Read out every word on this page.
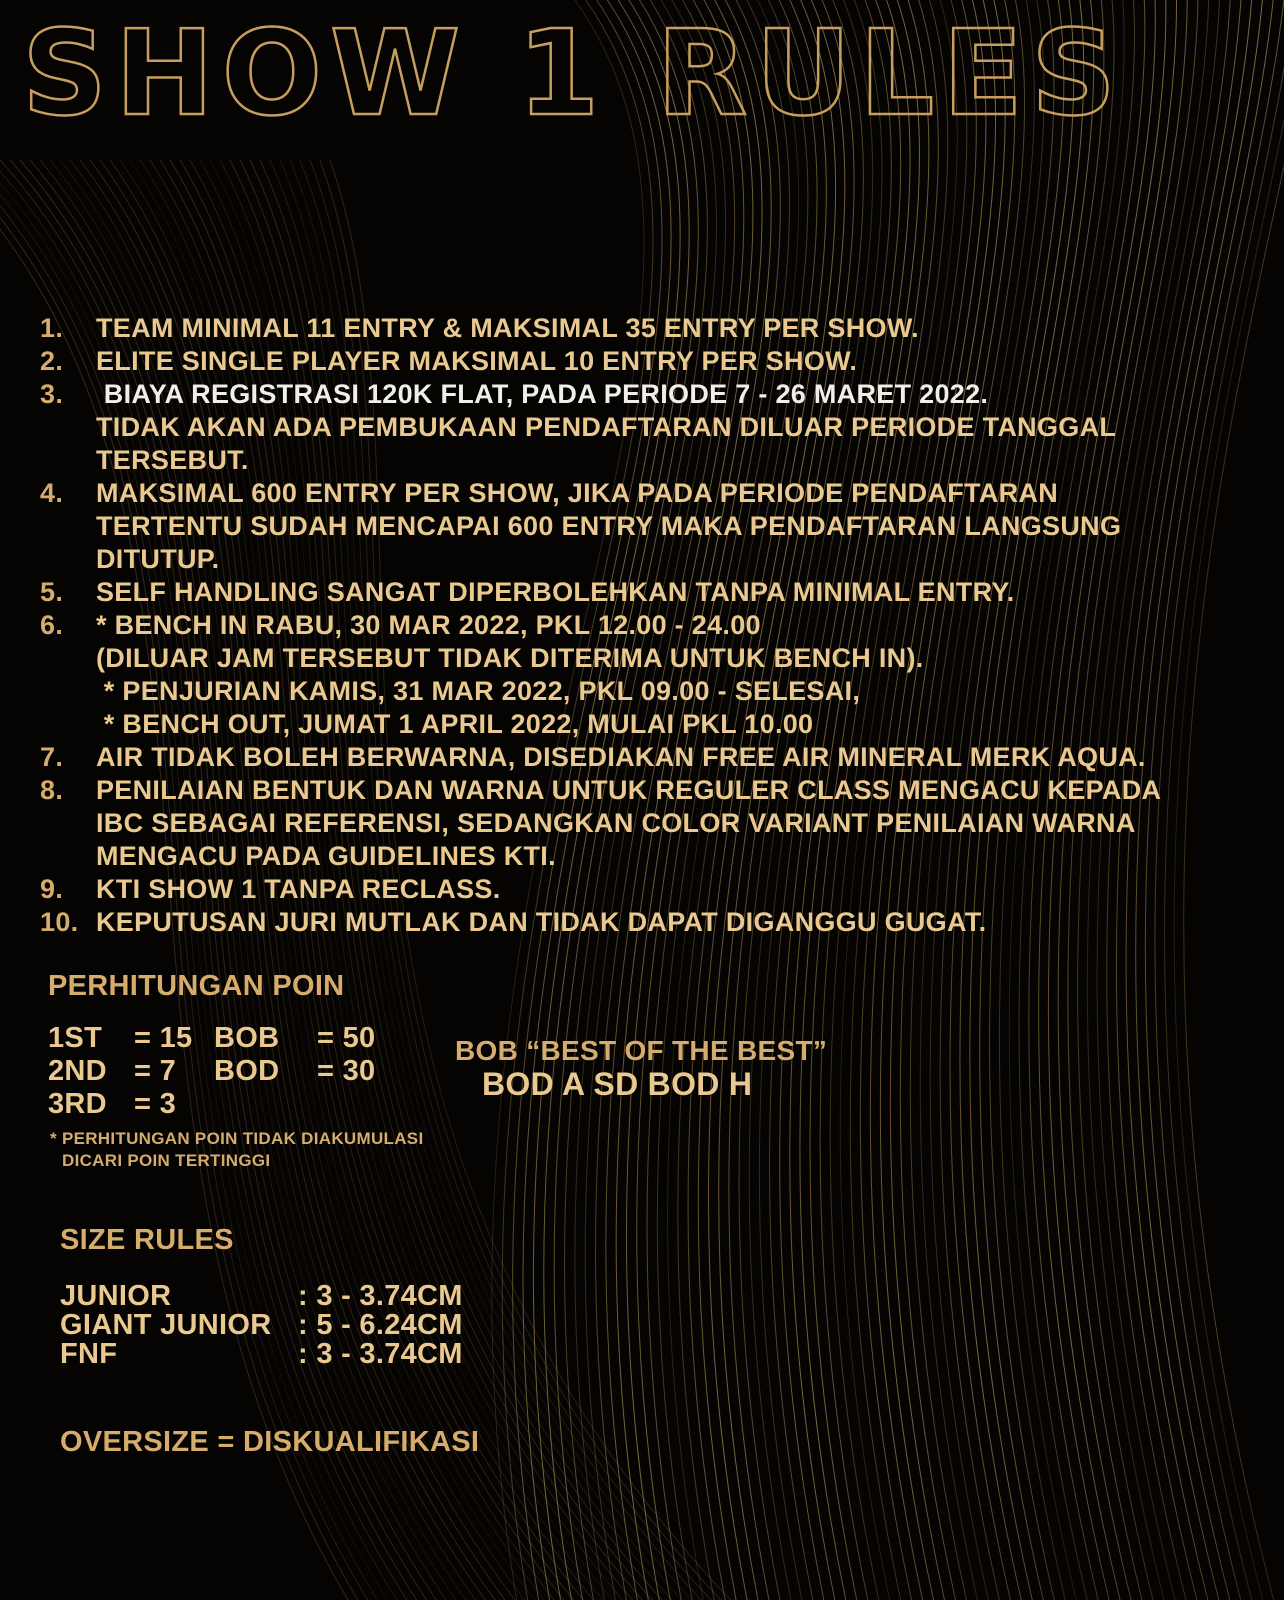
SHOW 1 RULES
1.	TEAM MINIMAL 11 ENTRY & MAKSIMAL 35 ENTRY PER SHOW.
2.	ELITE SINGLE PLAYER MAKSIMAL 10 ENTRY PER SHOW.
3.	BIAYA REGISTRASI 120K FLAT, PADA PERIODE 7 - 26 MARET 2022.
TIDAK AKAN ADA PEMBUKAAN PENDAFTARAN DILUAR PERIODE TANGGAL
TERSEBUT.
4.	MAKSIMAL 600 ENTRY PER SHOW, JIKA PADA PERIODE PENDAFTARAN
TERTENTU SUDAH MENCAPAI 600 ENTRY MAKA PENDAFTARAN LANGSUNG
DITUTUP.
5.	SELF HANDLING SANGAT DIPERBOLEHKAN TANPA MINIMAL ENTRY.
6.	* BENCH IN RABU, 30 MAR 2022, PKL 12.00 - 24.00
(DILUAR JAM TERSEBUT TIDAK DITERIMA UNTUK BENCH IN).
* PENJURIAN KAMIS, 31 MAR 2022, PKL 09.00 - SELESAI,
* BENCH OUT, JUMAT 1 APRIL 2022, MULAI PKL 10.00
7.	AIR TIDAK BOLEH BERWARNA, DISEDIAKAN FREE AIR MINERAL MERK AQUA.
8.	PENILAIAN BENTUK DAN WARNA UNTUK REGULER CLASS MENGACU KEPADA
IBC SEBAGAI REFERENSI, SEDANGKAN COLOR VARIANT PENILAIAN WARNA
MENGACU PADA GUIDELINES KTI.
9.	KTI SHOW 1 TANPA RECLASS.
10. KEPUTUSAN JURI MUTLAK DAN TIDAK DAPAT DIGANGGU GUGAT.
PERHITUNGAN POIN
1ST	= 15 BOB	= 50
2ND = 7	BOD	= 30
3RD = 3
* PERHITUNGAN POIN TIDAK DIAKUMULASI
DICARI POIN TERTINGGI
BOB “BEST OF THE BEST”
BOD A SD BOD H
SIZE RULES
JUNIOR	: 3 - 3.74CM
GIANT JUNIOR : 5 - 6.24CM
FNF	: 3 - 3.74CM
OVERSIZE = DISKUALIFIKASI
